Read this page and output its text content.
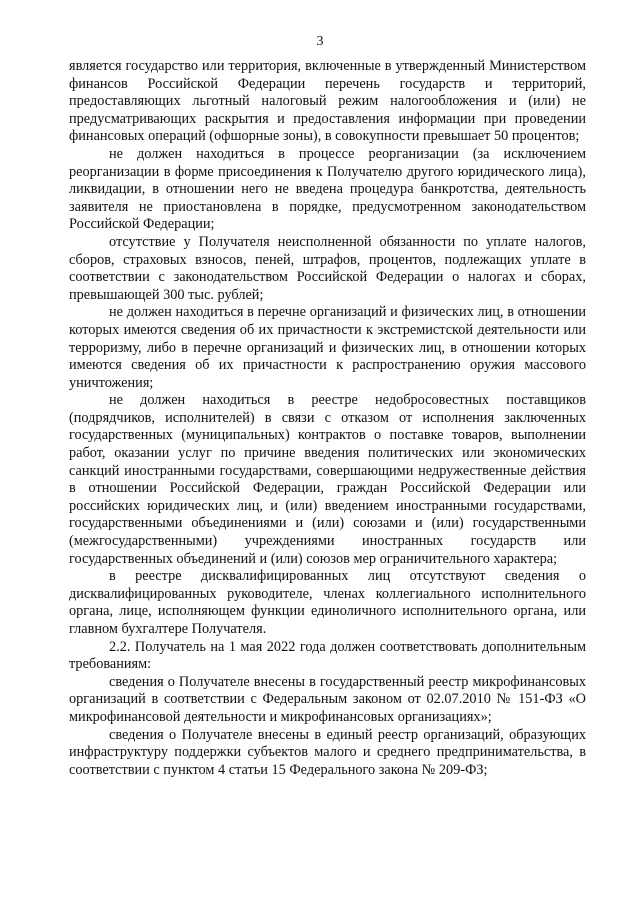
3

является государство или территория, включенные в утвержденный Министерством финансов Российской Федерации перечень государств и территорий, предоставляющих льготный налоговый режим налогообложения и (или) не предусматривающих раскрытия и предоставления информации при проведении финансовых операций (офшорные зоны), в совокупности превышает 50 процентов;

не должен находиться в процессе реорганизации (за исключением реорганизации в форме присоединения к Получателю другого юридического лица), ликвидации, в отношении него не введена процедура банкротства, деятельность заявителя не приостановлена в порядке, предусмотренном законодательством Российской Федерации;

отсутствие у Получателя неисполненной обязанности по уплате налогов, сборов, страховых взносов, пеней, штрафов, процентов, подлежащих уплате в соответствии с законодательством Российской Федерации о налогах и сборах, превышающей 300 тыс. рублей;

не должен находиться в перечне организаций и физических лиц, в отношении которых имеются сведения об их причастности к экстремистской деятельности или терроризму, либо в перечне организаций и физических лиц, в отношении которых имеются сведения об их причастности к распространению оружия массового уничтожения;

не должен находиться в реестре недобросовестных поставщиков (подрядчиков, исполнителей) в связи с отказом от исполнения заключенных государственных (муниципальных) контрактов о поставке товаров, выполнении работ, оказании услуг по причине введения политических или экономических санкций иностранными государствами, совершающими недружественные действия в отношении Российской Федерации, граждан Российской Федерации или российских юридических лиц, и (или) введением иностранными государствами, государственными объединениями и (или) союзами и (или) государственными (межгосударственными) учреждениями иностранных государств или государственных объединений и (или) союзов мер ограничительного характера;

в реестре дисквалифицированных лиц отсутствуют сведения о дисквалифицированных руководителе, членах коллегиального исполнительного органа, лице, исполняющем функции единоличного исполнительного органа, или главном бухгалтере Получателя.

2.2. Получатель на 1 мая 2022 года должен соответствовать дополнительным требованиям:

сведения о Получателе внесены в государственный реестр микрофинансовых организаций в соответствии с Федеральным законом от 02.07.2010 № 151-ФЗ «О микрофинансовой деятельности и микрофинансовых организациях»;

сведения о Получателе внесены в единый реестр организаций, образующих инфраструктуру поддержки субъектов малого и среднего предпринимательства, в соответствии с пунктом 4 статьи 15 Федерального закона № 209-ФЗ;
